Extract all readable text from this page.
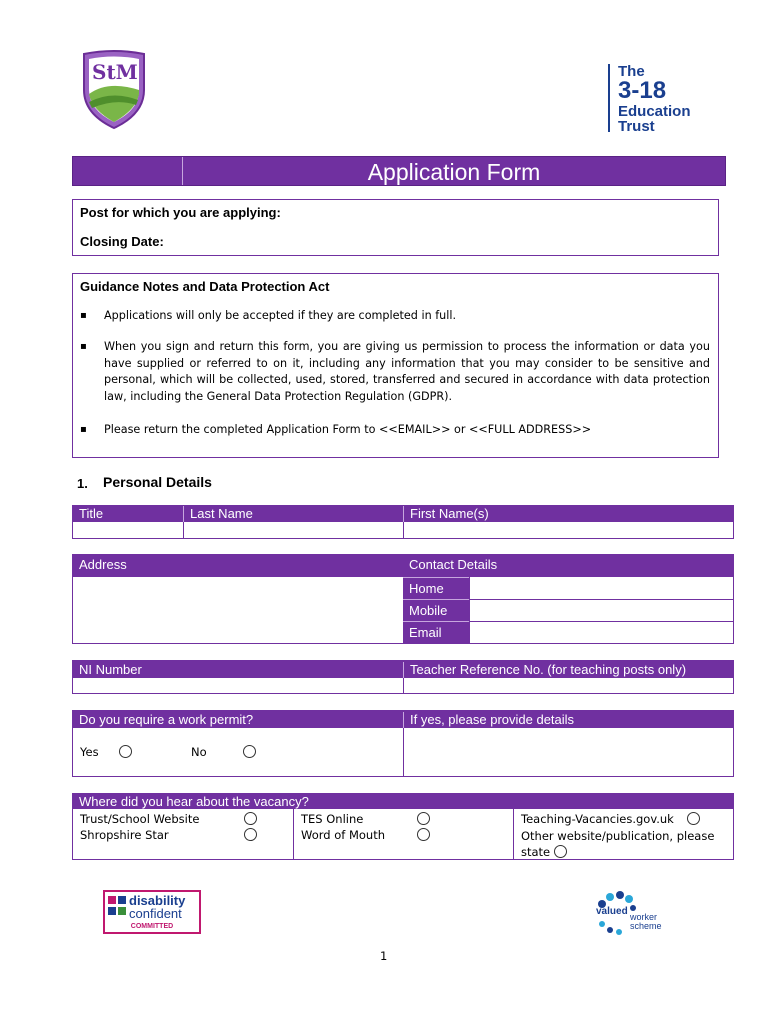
StM	The
3-18
Education
Trust
Application Form
Post for which you are applying:
Closing Date:
Guidance Notes and Data Protection Act
▪ Applications will only be accepted if they are completed in full.
▪ When you sign and return this form, you are giving us permission to process the information or data you have supplied or referred to on it, including any information that you may consider to be sensitive and personal, which will be collected, used, stored, transferred and secured in accordance with data protection law, including the General Data Protection Regulation (GDPR).
▪ Please return the completed Application Form to <<EMAIL>> or <<FULL ADDRESS>>
1. Personal Details
Title	Last Name	First Name(s)
Address	Contact Details
Home
Mobile
Email
NI Number	Teacher Reference No. (for teaching posts only)
Do you require a work permit?	If yes, please provide details
Yes	No
Where did you hear about the vacancy?
Trust/School Website	TES Online	Teaching-Vacancies.gov.uk
Shropshire Star	Word of Mouth	Other website/publication, please state
disability
confident
COMMITTED
valued worker
scheme
1
